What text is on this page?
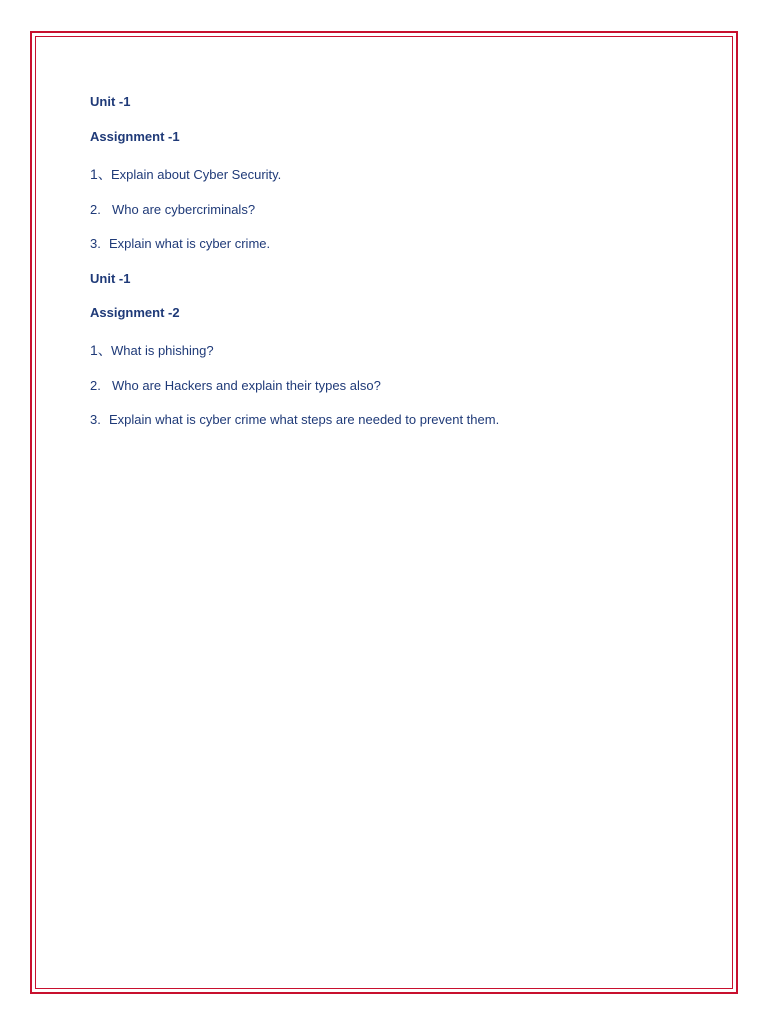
Unit -1
Assignment -1
1、Explain about Cyber Security.
2. Who are cybercriminals?
3. Explain what is cyber crime.
Unit -1
Assignment -2
1、What is phishing?
2. Who are Hackers and explain their types also?
3. Explain what is cyber crime what steps are needed to prevent them.
